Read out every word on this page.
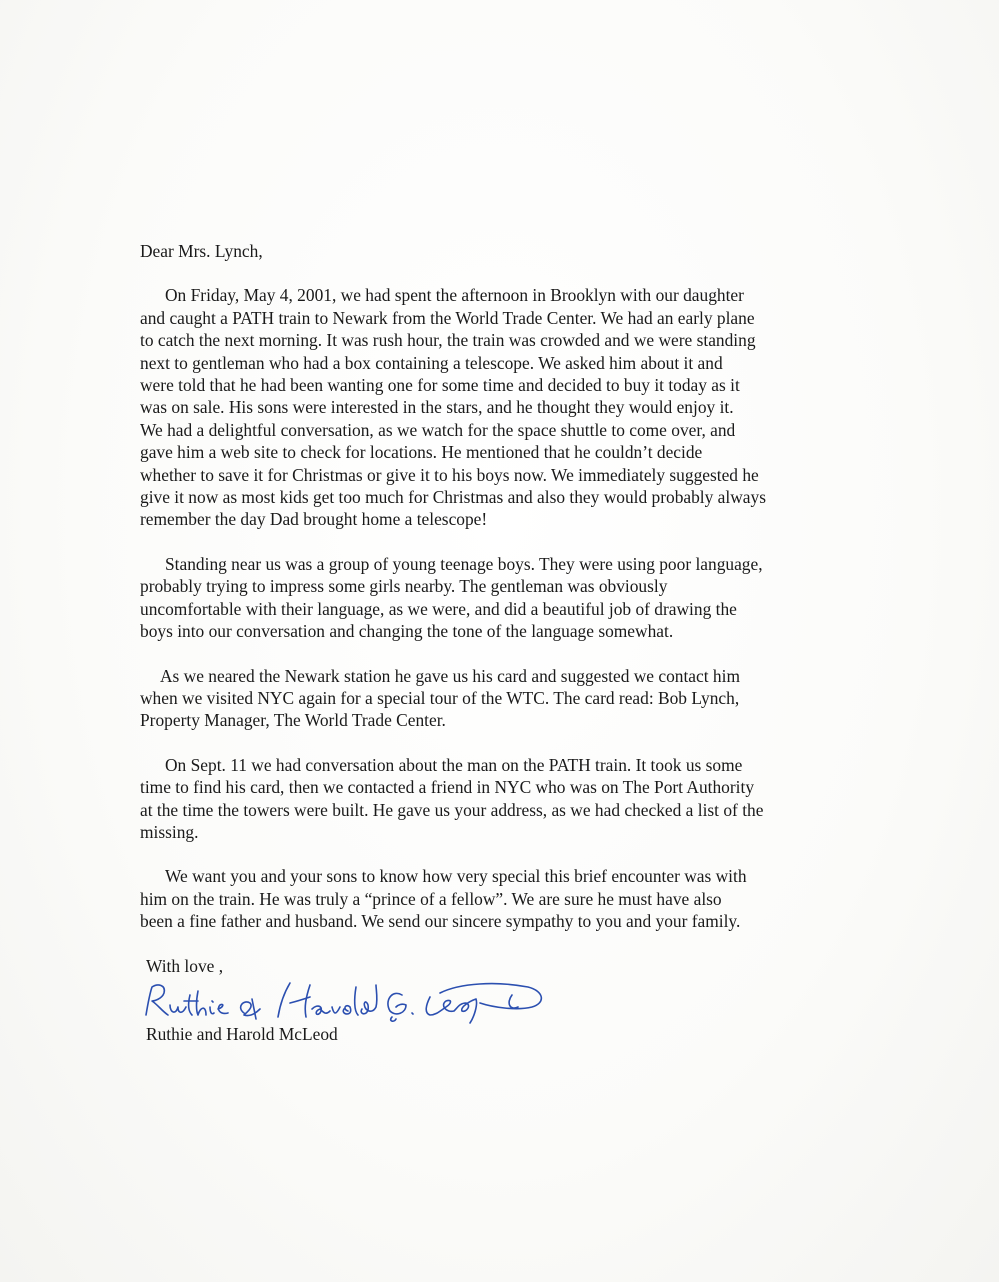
Dear Mrs. Lynch,
On Friday, May 4, 2001, we had spent the afternoon in Brooklyn with our daughter
and caught a PATH train to Newark from the World Trade Center. We had an early plane
to catch the next morning. It was rush hour, the train was crowded and we were standing
next to gentleman who had a box containing a telescope. We asked him about it and
were told that he had been wanting one for some time and decided to buy it today as it
was on sale. His sons were interested in the stars, and he thought they would enjoy it.
We had a delightful conversation, as we watch for the space shuttle to come over, and
gave him a web site to check for locations. He mentioned that he couldn’t decide
whether to save it for Christmas or give it to his boys now. We immediately suggested he
give it now as most kids get too much for Christmas and also they would probably always
remember the day Dad brought home a telescope!
Standing near us was a group of young teenage boys. They were using poor language,
probably trying to impress some girls nearby. The gentleman was obviously
uncomfortable with their language, as we were, and did a beautiful job of drawing the
boys into our conversation and changing the tone of the language somewhat.
As we neared the Newark station he gave us his card and suggested we contact him
when we visited NYC again for a special tour of the WTC. The card read: Bob Lynch,
Property Manager, The World Trade Center.
On Sept. 11 we had conversation about the man on the PATH train. It took us some
time to find his card, then we contacted a friend in NYC who was on The Port Authority
at the time the towers were built. He gave us your address, as we had checked a list of the
missing.
We want you and your sons to know how very special this brief encounter was with
him on the train. He was truly a “prince of a fellow”. We are sure he must have also
been a fine father and husband. We send our sincere sympathy to you and your family.
With love ,
Ruthie and Harold McLeod
